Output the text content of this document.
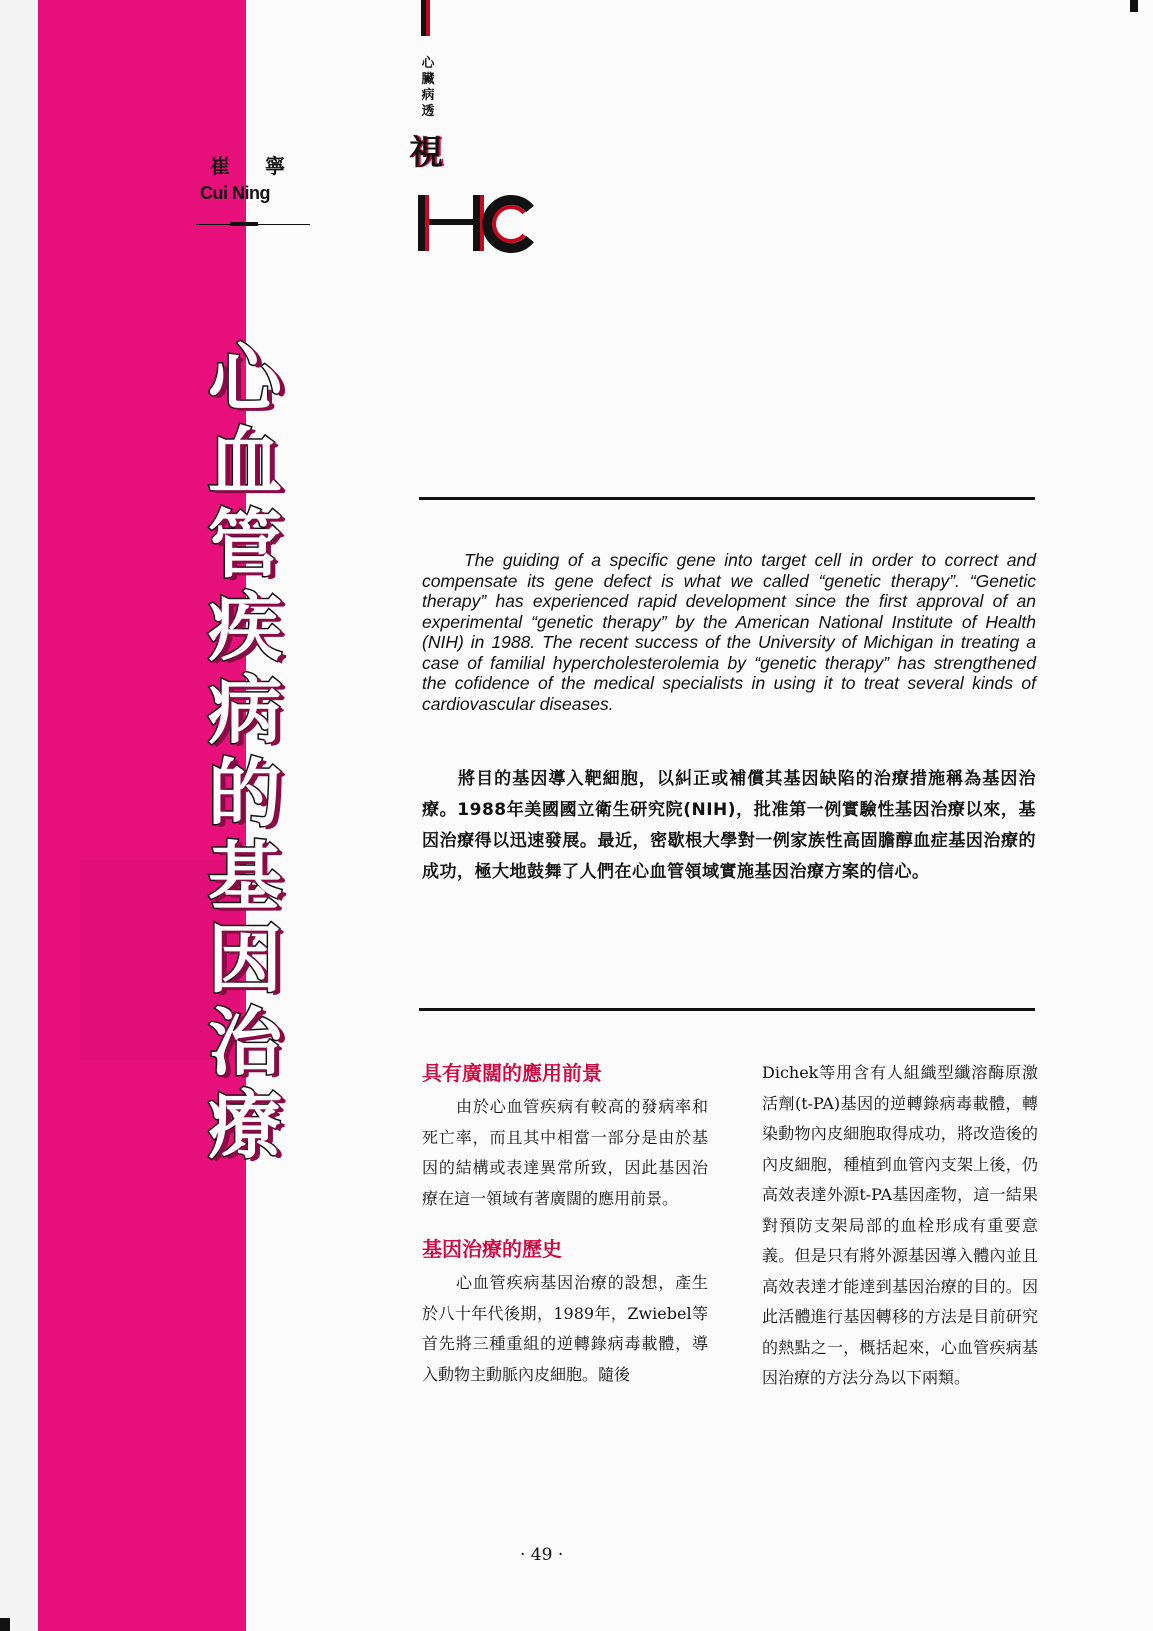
崔 寧
Cui Ning
心
血
管
疾
病
的
基
因
治
療
心
臟
病
透
視
The guiding of a specific gene into target cell in order to correct and compensate its gene defect is what we called “genetic therapy”. “Genetic therapy” has experienced rapid development since the first approval of an experimental “genetic therapy” by the American National Institute of Health (NIH) in 1988. The recent success of the University of Michigan in treating a case of familial hypercholesterolemia by “genetic therapy” has strengthened the cofidence of the medical specialists in using it to treat several kinds of cardiovascular diseases.
將目的基因導入靶細胞，以糾正或補償其基因缺陷的治療措施稱為基因治療。1988年美國國立衛生研究院(NIH)，批准第一例實驗性基因治療以來，基因治療得以迅速發展。最近，密歇根大學對一例家族性高固膽醇血症基因治療的成功，極大地鼓舞了人們在心血管領域實施基因治療方案的信心。
具有廣闊的應用前景

由於心血管疾病有較高的發病率和死亡率，而且其中相當一部分是由於基因的結構或表達異常所致，因此基因治療在這一領域有著廣闊的應用前景。

基因治療的歷史

心血管疾病基因治療的設想，產生於八十年代後期，1989年，Zwiebel等首先將三種重組的逆轉錄病毒載體，導入動物主動脈內皮細胞。隨後

Dichek等用含有人組織型纖溶酶原激活劑(t-PA)基因的逆轉錄病毒載體，轉染動物內皮細胞取得成功，將改造後的內皮細胞，種植到血管內支架上後，仍高效表達外源t-PA基因產物，這一結果對預防支架局部的血栓形成有重要意義。但是只有將外源基因導入體內並且高效表達才能達到基因治療的目的。因此活體進行基因轉移的方法是目前研究的熱點之一，概括起來，心血管疾病基因治療的方法分為以下兩類。

· 49 ·
